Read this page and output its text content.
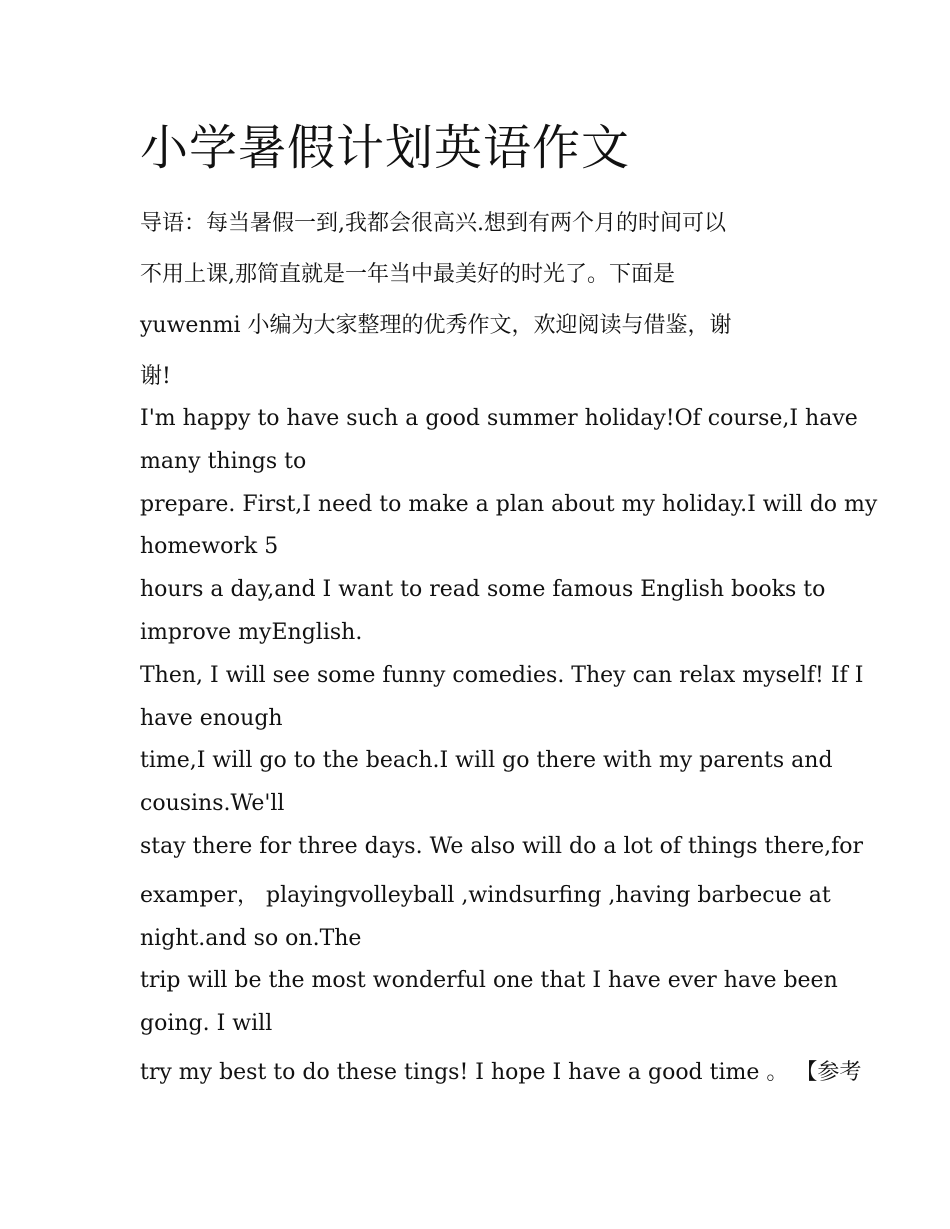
小学暑假计划英语作文

导语：每当暑假一到,我都会很高兴.想到有两个月的时间可以
不用上课,那简直就是一年当中最美好的时光了。下面是
yuwenmi 小编为大家整理的优秀作文，欢迎阅读与借鉴，谢
谢!

I'm happy to have such a good summer holiday!Of course,I have
many things to
prepare. First,I need to make a plan about my holiday.I will do my
homework 5
hours a day,and I want to read some famous English books to
improve myEnglish.
Then, I will see some funny comedies. They can relax myself! If I
have enough
time,I will go to the beach.I will go there with my parents and
cousins.We'll
stay there for three days. We also will do a lot of things there,for
examper， playingvolleyball ,windsurfing ,having barbecue at
night.and so on.The
trip will be the most wonderful one that I have ever have been
going. I will
try my best to do these tings! I hope I have a good time 。 【参考
